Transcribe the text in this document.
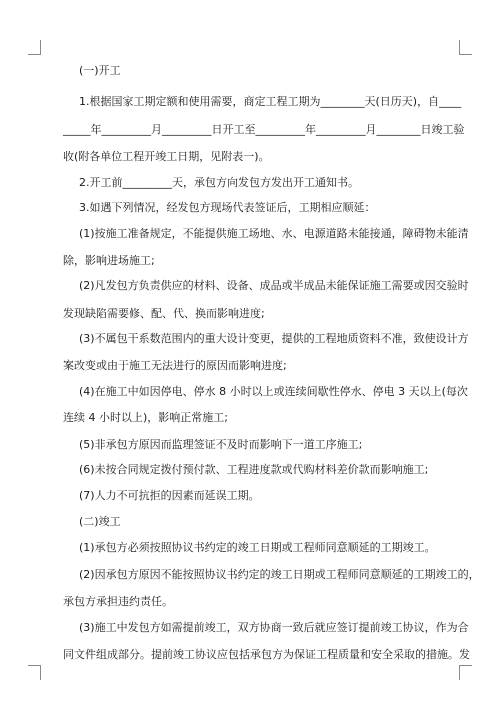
(一)开工
1.根据国家工期定额和使用需要，商定工程工期为________天(日历天)，自____
_____年_________月_________日开工至_________年_________月________日竣工验
收(附各单位工程开竣工日期，见附表一)。
2.开工前_________天，承包方向发包方发出开工通知书。
3.如遇下列情况，经发包方现场代表签证后，工期相应顺延：
(1)按施工准备规定，不能提供施工场地、水、电源道路未能接通，障碍物未能清
除，影响进场施工;
(2)凡发包方负责供应的材料、设备、成品或半成品未能保证施工需要或因交验时
发现缺陷需要修、配、代、换而影响进度;
(3)不属包干系数范围内的重大设计变更，提供的工程地质资料不准，致使设计方
案改变或由于施工无法进行的原因而影响进度;
(4)在施工中如因停电、停水 8 小时以上或连续间歇性停水、停电 3 天以上(每次
连续 4 小时以上)，影响正常施工;
(5)非承包方原因而监理签证不及时而影响下一道工序施工;
(6)未按合同规定拨付预付款、工程进度款或代购材料差价款而影响施工;
(7)人力不可抗拒的因素而延误工期。
(二)竣工
(1)承包方必须按照协议书约定的竣工日期或工程师同意顺延的工期竣工。
(2)因承包方原因不能按照协议书约定的竣工日期或工程师同意顺延的工期竣工的，
承包方承担违约责任。
(3)施工中发包方如需提前竣工，双方协商一致后就应签订提前竣工协议，作为合
同文件组成部分。提前竣工协议应包括承包方为保证工程质量和安全采取的措施。发
